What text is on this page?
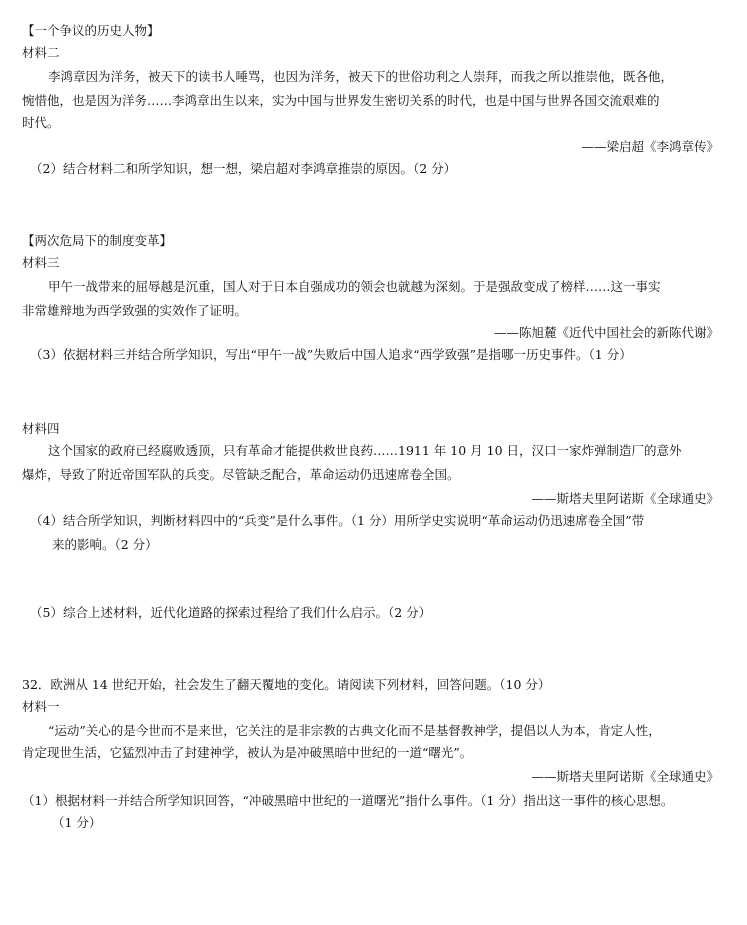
【一个争议的历史人物】
材料二
李鸿章因为洋务，被天下的读书人唾骂，也因为洋务，被天下的世俗功利之人崇拜，而我之所以推崇他，既各他，
惋惜他，也是因为洋务……李鸿章出生以来，实为中国与世界发生密切关系的时代，也是中国与世界各国交流艰难的
时代。
——梁启超《李鸿章传》
（2）结合材料二和所学知识，想一想，梁启超对李鸿章推崇的原因。（2 分）
【两次危局下的制度变革】
材料三
甲午一战带来的屈辱越是沉重，国人对于日本自强成功的领会也就越为深刻。于是强敌变成了榜样……这一事实
非常雄辩地为西学致强的实效作了证明。
——陈旭麓《近代中国社会的新陈代谢》
（3）依据材料三并结合所学知识，写出“甲午一战”失败后中国人追求“西学致强”是指哪一历史事件。（1 分）
材料四
这个国家的政府已经腐败透顶，只有革命才能提供救世良药……1911 年 10 月 10 日，汉口一家炸弹制造厂的意外
爆炸，导致了附近帝国军队的兵变。尽管缺乏配合，革命运动仍迅速席卷全国。
——斯塔夫里阿诺斯《全球通史》
（4）结合所学知识，判断材料四中的“兵变”是什么事件。（1 分）用所学史实说明“革命运动仍迅速席卷全国”带
来的影响。（2 分）
（5）综合上述材料，近代化道路的探索过程给了我们什么启示。（2 分）
32．欧洲从 14 世纪开始，社会发生了翻天覆地的变化。请阅读下列材料，回答问题。（10 分）
材料一
“运动”关心的是今世而不是来世，它关注的是非宗教的古典文化而不是基督教神学，提倡以人为本，肯定人性，
肯定现世生活，它猛烈冲击了封建神学，被认为是冲破黑暗中世纪的一道“曙光”。
——斯塔夫里阿诺斯《全球通史》
（1）根据材料一并结合所学知识回答，“冲破黑暗中世纪的一道曙光”指什么事件。（1 分）指出这一事件的核心思想。
（1 分）
